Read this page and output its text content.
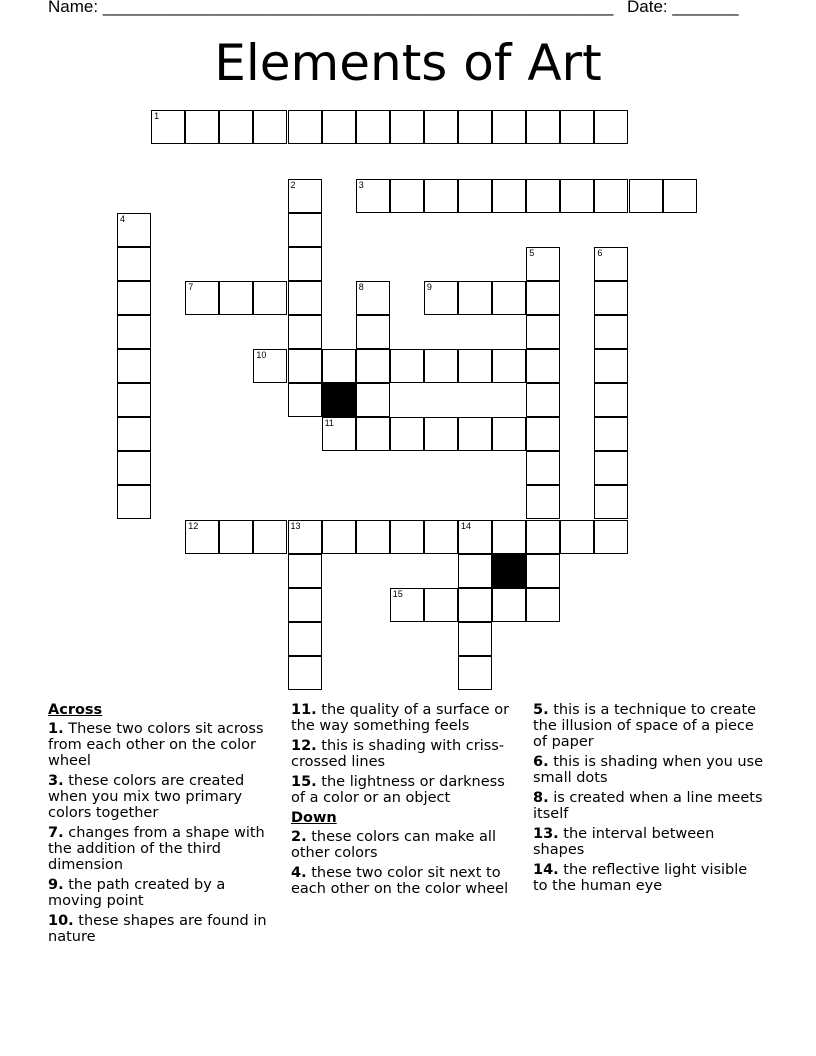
Name: ______________________________________________________ Date: _______
Elements of Art
1
3
2
4
5	6
7	9
8
10
11
12	13	14
15
Across
1. These two colors sit across from each other on the color wheel
3. these colors are created when you mix two primary colors together
7. changes from a shape with the addition of the third dimension
9. the path created by a moving point
10. these shapes are found in nature
11. the quality of a surface or the way something feels
12. this is shading with criss-crossed lines
15. the lightness or darkness of a color or an object
Down
2. these colors can make all other colors
4. these two color sit next to each other on the color wheel
5. this is a technique to create the illusion of space of a piece of paper
6. this is shading when you use small dots
8. is created when a line meets itself
13. the interval between shapes
14. the reflective light visible to the human eye
